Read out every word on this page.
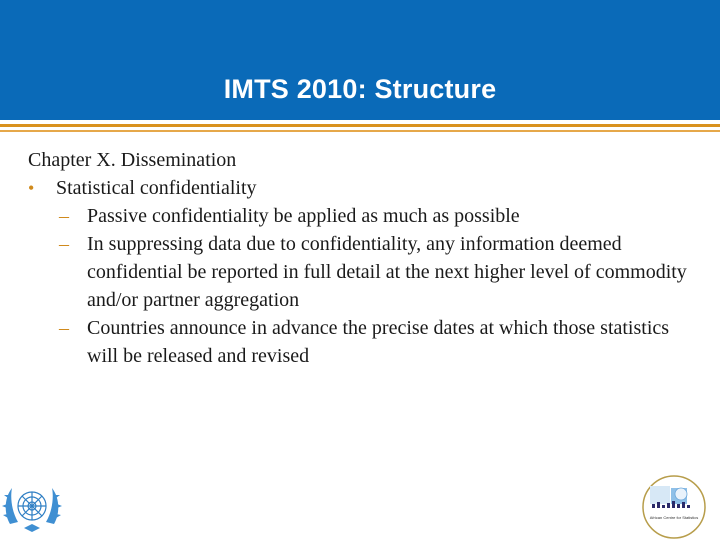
IMTS 2010: Structure
Chapter X. Dissemination
• Statistical confidentiality
– Passive confidentiality be applied as much as possible
– In suppressing data due to confidentiality, any information deemed confidential be reported in full detail at the next higher level of commodity and/or partner aggregation
– Countries announce in advance the precise dates at which those statistics will be released and revised
African Centre for Statistics
